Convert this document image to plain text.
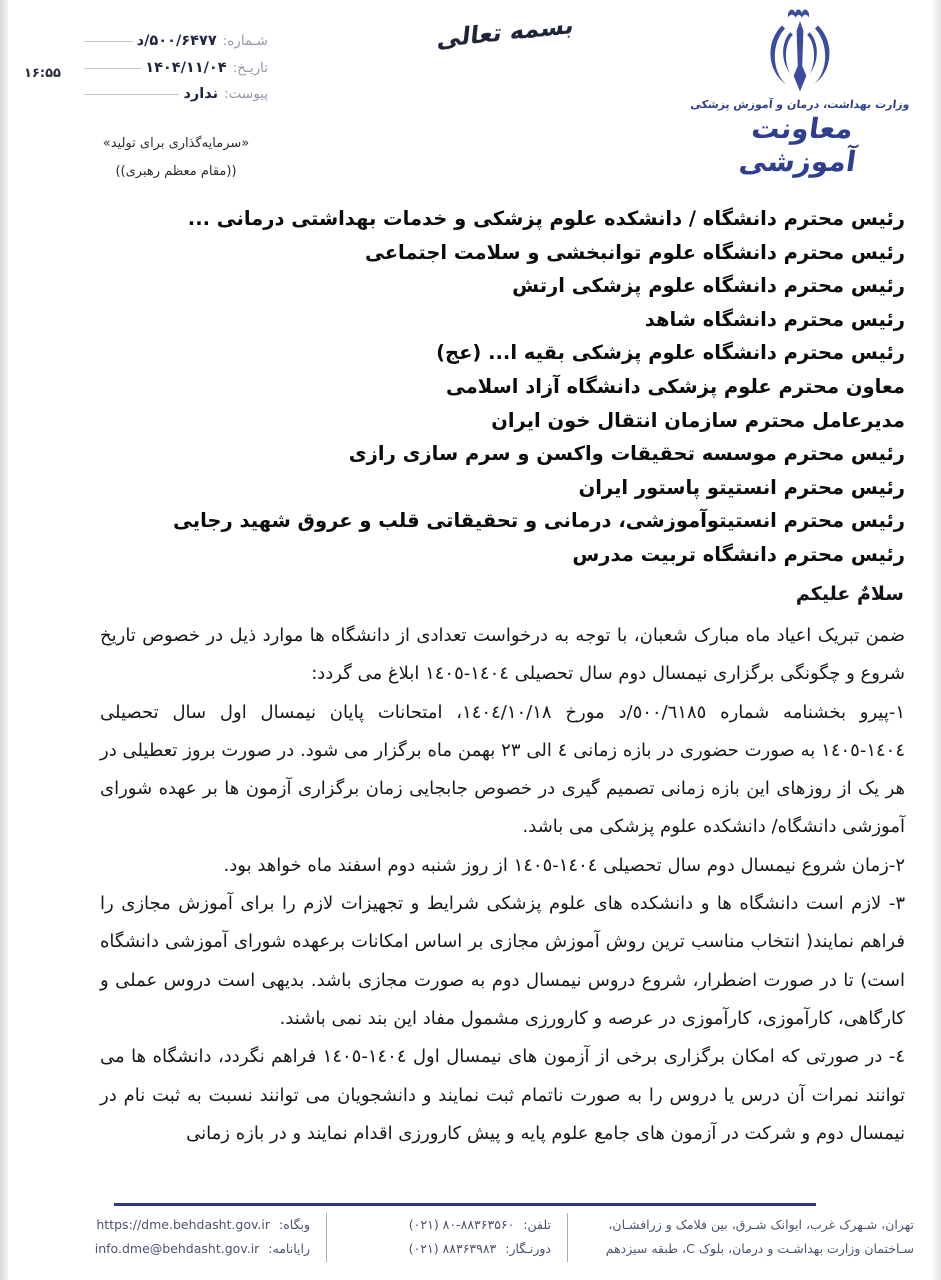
شـماره:
۵۰۰/۶۴۷۷/د
تاریـخ:
۱۴۰۴/۱۱/۰۴
پیوست:
ندارد
۱۶:۵۵
بسمه تعالی
وزارت بهداشت، درمان و آموزش پزشکی
معاونت آموزشی
«سرمایه‌گذاری برای تولید»
((مقام معظم رهبری))
رئیس محترم دانشگاه / دانشکده علوم پزشکی و خدمات بهداشتی درمانی ...
رئیس محترم دانشگاه علوم توانبخشی و سلامت اجتماعی
رئیس محترم دانشگاه علوم پزشکی ارتش
رئیس محترم دانشگاه شاهد
رئیس محترم دانشگاه علوم پزشکی بقیه ا... (عج)
معاون محترم علوم پزشکی دانشگاه آزاد اسلامی
مدیرعامل محترم سازمان انتقال خون ایران
رئیس محترم موسسه تحقیقات واکسن و سرم سازی رازی
رئیس محترم انستیتو پاستور ایران
رئیس محترم انستیتوآموزشی، درمانی و تحقیقاتی قلب و عروق شهید رجایی
رئیس محترم دانشگاه تربیت مدرس
سلامٌ علیکم

ضمن تبریک اعیاد ماه مبارک شعبان، با توجه به درخواست تعدادی از دانشگاه ها موارد ذیل در خصوص تاریخ شروع و چگونگی برگزاری نیمسال دوم سال تحصیلی ١٤٠٤-١٤٠٥ ابلاغ می گردد:

١-پیرو بخشنامه شماره ٥٠٠/٦١٨٥/د مورخ ١٤٠٤/١٠/١٨، امتحانات پایان نیمسال اول سال تحصیلی ١٤٠٤-١٤٠٥ به صورت حضوری در بازه زمانی ٤ الی ٢٣ بهمن ماه برگزار می شود. در صورت بروز تعطیلی در هر یک از روزهای این بازه زمانی تصمیم گیری در خصوص جابجایی زمان برگزاری آزمون ها بر عهده شورای آموزشی دانشگاه/ دانشکده علوم پزشکی می باشد.

٢-زمان شروع نیمسال دوم سال تحصیلی ١٤٠٤-١٤٠٥ از روز شنبه دوم اسفند ماه خواهد بود.

٣- لازم است دانشگاه ها و دانشکده های علوم پزشکی شرایط و تجهیزات لازم را برای آموزش مجازی را فراهم نمایند( انتخاب مناسب ترین روش آموزش مجازی بر اساس امکانات برعهده شورای آموزشی دانشگاه است) تا در صورت اضطرار، شروع دروس نیمسال دوم به صورت مجازی باشد. بدیهی است دروس عملی و کارگاهی، کارآموزی، کارآموزی در عرصه و کارورزی مشمول مفاد این بند نمی باشند.

٤- در صورتی که امکان برگزاری برخی از آزمون های نیمسال اول ١٤٠٤-١٤٠٥ فراهم نگردد، دانشگاه ها می توانند نمرات آن درس یا دروس را به صورت ناتمام ثبت نمایند و دانشجویان می توانند نسبت به ثبت نام در نیمسال دوم و شرکت در آزمون های جامع علوم پایه و پیش کارورزی اقدام نمایند و در بازه زمانی

تهران، شـهرک غرب، ایوانک شـرق، بین فلامک و زرافشـان،
سـاختمان وزارت بهداشـت و درمان، بلوک C، طبقه سیزدهم
تلفن: ۸۸۳۶۳۵۶۰-۸۰ (۰۲۱)
دورنـگار: ۸۸۳۶۳۹۸۳ (۰۲۱)
وبگاه: https://dme.behdasht.gov.ir
رایانامه: info.dme@behdasht.gov.ir
